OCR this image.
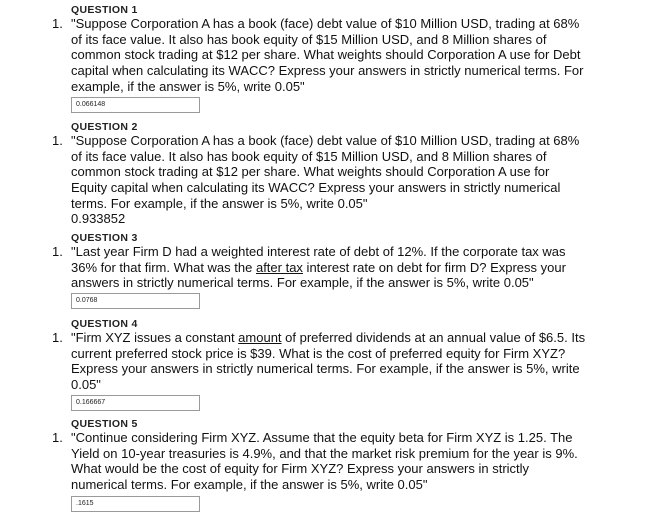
QUESTION 1
1. "Suppose Corporation A has a book (face) debt value of $10 Million USD, trading at 68% of its face value. It also has book equity of $15 Million USD, and 8 Million shares of common stock trading at $12 per share. What weights should Corporation A use for Debt capital when calculating its WACC? Express your answers in strictly numerical terms. For example, if the answer is 5%, write 0.05"

0.066148
QUESTION 2
1. "Suppose Corporation A has a book (face) debt value of $10 Million USD, trading at 68% of its face value. It also has book equity of $15 Million USD, and 8 Million shares of common stock trading at $12 per share. What weights should Corporation A use for Equity capital when calculating its WACC? Express your answers in strictly numerical terms. For example, if the answer is 5%, write 0.05"

0.933852
QUESTION 3
1. "Last year Firm D had a weighted interest rate of debt of 12%. If the corporate tax was 36% for that firm. What was the after tax interest rate on debt for firm D? Express your answers in strictly numerical terms. For example, if the answer is 5%, write 0.05"

0.0768
QUESTION 4
1. "Firm XYZ issues a constant amount of preferred dividends at an annual value of $6.5. Its current preferred stock price is $39. What is the cost of preferred equity for Firm XYZ? Express your answers in strictly numerical terms. For example, if the answer is 5%, write 0.05"

0.166667
QUESTION 5
1. "Continue considering Firm XYZ. Assume that the equity beta for Firm XYZ is 1.25. The Yield on 10-year treasuries is 4.9%, and that the market risk premium for the year is 9%. What would be the cost of equity for Firm XYZ? Express your answers in strictly numerical terms. For example, if the answer is 5%, write 0.05"

.1615
